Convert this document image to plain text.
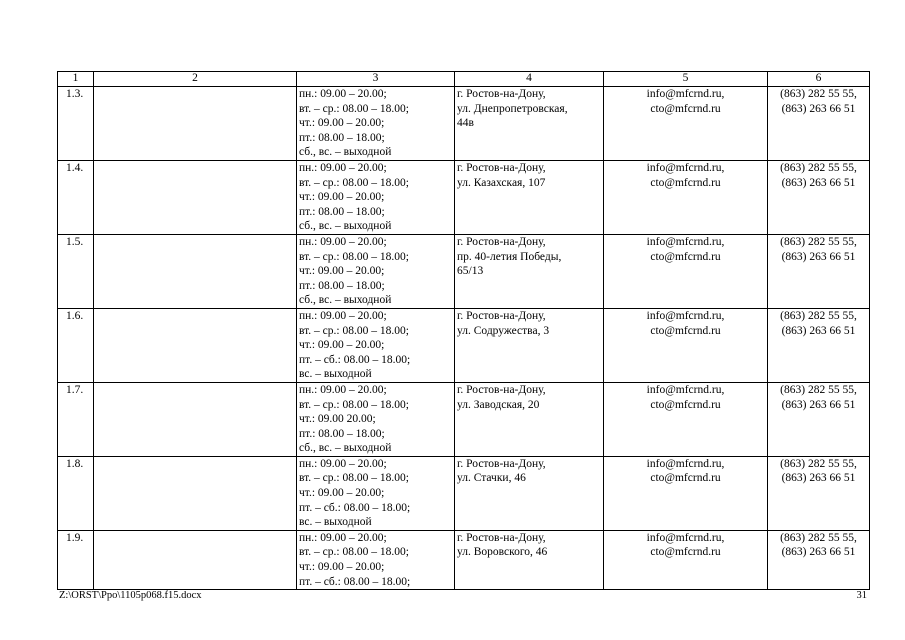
1	2	3	4	5	6
1.3.		пн.: 09.00 – 20.00;
вт. – ср.: 08.00 – 18.00;
чт.: 09.00 – 20.00;
пт.: 08.00 – 18.00;
сб., вс. – выходной	г. Ростов-на-Дону,
ул. Днепропетровская,
44в	info@mfcrnd.ru,
cto@mfcrnd.ru	(863) 282 55 55,
(863) 263 66 51

1.4.		пн.: 09.00 – 20.00;
вт. – ср.: 08.00 – 18.00;
чт.: 09.00 – 20.00;
пт.: 08.00 – 18.00;
сб., вс. – выходной	г. Ростов-на-Дону,
ул. Казахская, 107	info@mfcrnd.ru,
cto@mfcrnd.ru	(863) 282 55 55,
(863) 263 66 51

1.5.		пн.: 09.00 – 20.00;
вт. – ср.: 08.00 – 18.00;
чт.: 09.00 – 20.00;
пт.: 08.00 – 18.00;
сб., вс. – выходной	г. Ростов-на-Дону,
пр. 40-летия Победы,
65/13	info@mfcrnd.ru,
cto@mfcrnd.ru	(863) 282 55 55,
(863) 263 66 51

1.6.		пн.: 09.00 – 20.00;
вт. – ср.: 08.00 – 18.00;
чт.: 09.00 – 20.00;
пт. – сб.: 08.00 – 18.00;
вс. – выходной	г. Ростов-на-Дону,
ул. Содружества, 3	info@mfcrnd.ru,
cto@mfcrnd.ru	(863) 282 55 55,
(863) 263 66 51

1.7.		пн.: 09.00 – 20.00;
вт. – ср.: 08.00 – 18.00;
чт.: 09.00 20.00;
пт.: 08.00 – 18.00;
сб., вс. – выходной	г. Ростов-на-Дону,
ул. Заводская, 20	info@mfcrnd.ru,
cto@mfcrnd.ru	(863) 282 55 55,
(863) 263 66 51

1.8.		пн.: 09.00 – 20.00;
вт. – ср.: 08.00 – 18.00;
чт.: 09.00 – 20.00;
пт. – сб.: 08.00 – 18.00;
вс. – выходной	г. Ростов-на-Дону,
ул. Стачки, 46	info@mfcrnd.ru,
cto@mfcrnd.ru	(863) 282 55 55,
(863) 263 66 51

1.9.		пн.: 09.00 – 20.00;
вт. – ср.: 08.00 – 18.00;
чт.: 09.00 – 20.00;
пт. – сб.: 08.00 – 18.00;	г. Ростов-на-Дону,
ул. Воровского, 46	info@mfcrnd.ru,
cto@mfcrnd.ru	(863) 282 55 55,
(863) 263 66 51
Z:\ORST\Ppo\1105p068.f15.docx	31
